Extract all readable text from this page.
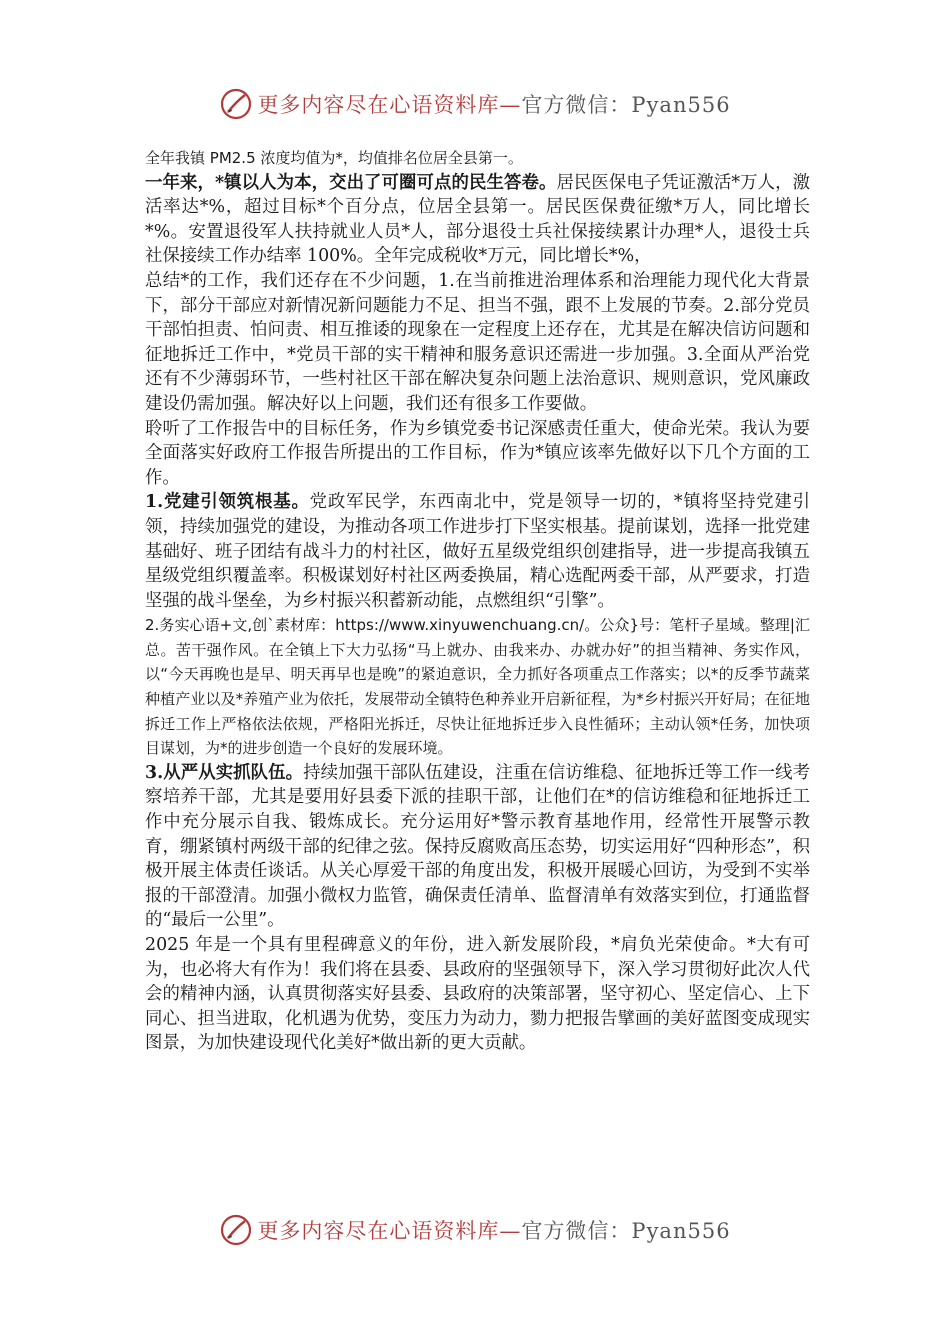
更多内容尽在心语资料库—官方微信：Pyan556

全年我镇 PM2.5 浓度均值为*，均值排名位居全县第一。

一年来，*镇以人为本，交出了可圈可点的民生答卷。居民医保电子凭证激活*万人，激活率达*%，超过目标*个百分点，位居全县第一。居民医保费征缴*万人，同比增长*%。安置退役军人扶持就业人员*人，部分退役士兵社保接续累计办理*人，退役士兵社保接续工作办结率 100%。全年完成税收*万元，同比增长*%，

总结*的工作，我们还存在不少问题，1.在当前推进治理体系和治理能力现代化大背景下，部分干部应对新情况新问题能力不足、担当不强，跟不上发展的节奏。2.部分党员干部怕担责、怕问责、相互推诿的现象在一定程度上还存在，尤其是在解决信访问题和征地拆迁工作中，*党员干部的实干精神和服务意识还需进一步加强。3.全面从严治党还有不少薄弱环节，一些村社区干部在解决复杂问题上法治意识、规则意识，党风廉政建设仍需加强。解决好以上问题，我们还有很多工作要做。

聆听了工作报告中的目标任务，作为乡镇党委书记深感责任重大，使命光荣。我认为要全面落实好政府工作报告所提出的工作目标，作为*镇应该率先做好以下几个方面的工作。

1.党建引领筑根基。党政军民学，东西南北中，党是领导一切的，*镇将坚持党建引领，持续加强党的建设，为推动各项工作进步打下坚实根基。提前谋划，选择一批党建基础好、班子团结有战斗力的村社区，做好五星级党组织创建指导，进一步提高我镇五星级党组织覆盖率。积极谋划好村社区两委换届，精心选配两委干部，从严要求，打造坚强的战斗堡垒，为乡村振兴积蓄新动能，点燃组织“引擎”。

2.务实心语+文,创`素材库：https://www.xinyuwenchuang.cn/。公众}号：笔杆子星域。整理|汇总。苦干强作风。在全镇上下大力弘扬“马上就办、由我来办、办就办好”的担当精神、务实作风，以“今天再晚也是早、明天再早也是晚”的紧迫意识，全力抓好各项重点工作落实；以*的反季节蔬菜种植产业以及*养殖产业为依托，发展带动全镇特色种养业开启新征程，为*乡村振兴开好局；在征地拆迁工作上严格依法依规，严格阳光拆迁，尽快让征地拆迁步入良性循环；主动认领*任务，加快项目谋划，为*的进步创造一个良好的发展环境。

3.从严从实抓队伍。持续加强干部队伍建设，注重在信访维稳、征地拆迁等工作一线考察培养干部，尤其是要用好县委下派的挂职干部，让他们在*的信访维稳和征地拆迁工作中充分展示自我、锻炼成长。充分运用好*警示教育基地作用，经常性开展警示教育，绷紧镇村两级干部的纪律之弦。保持反腐败高压态势，切实运用好“四种形态”，积极开展主体责任谈话。从关心厚爱干部的角度出发，积极开展暖心回访，为受到不实举报的干部澄清。加强小微权力监管，确保责任清单、监督清单有效落实到位，打通监督的“最后一公里”。

2025 年是一个具有里程碑意义的年份，进入新发展阶段，*肩负光荣使命。*大有可为，也必将大有作为！我们将在县委、县政府的坚强领导下，深入学习贯彻好此次人代会的精神内涵，认真贯彻落实好县委、县政府的决策部署，坚守初心、坚定信心、上下同心、担当进取，化机遇为优势，变压力为动力，勠力把报告擘画的美好蓝图变成现实图景，为加快建设现代化美好*做出新的更大贡献。

更多内容尽在心语资料库—官方微信：Pyan556
